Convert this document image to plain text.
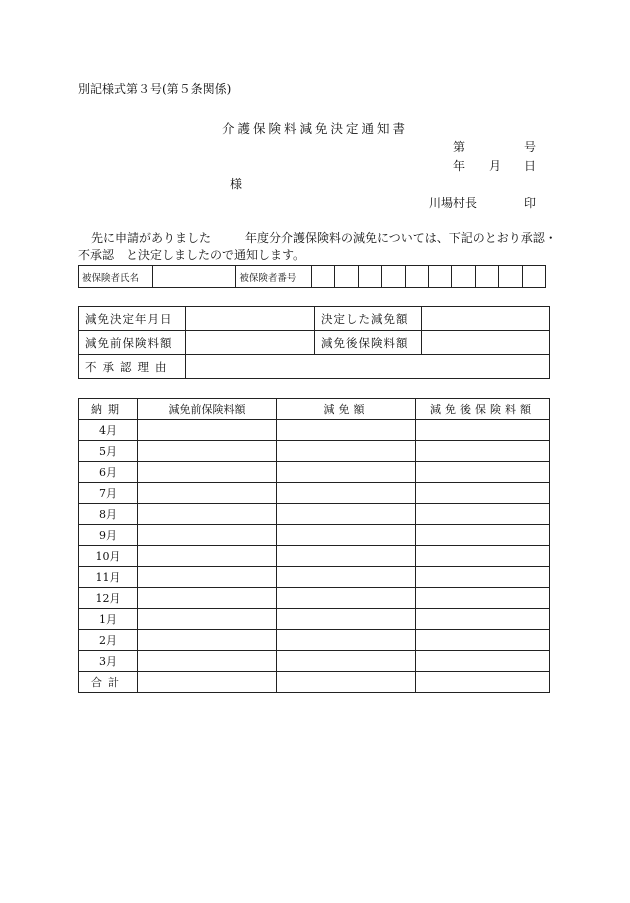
別記様式第３号(第５条関係)
介護保険料減免決定通知書
第	号
年 月 日
様
川場村長	印
先に申請がありました	年度分介護保険料の減免については、下記のとおり承認・不承認 と決定しましたので通知します。
被保険者氏名		被保険者番号										
減免決定年月日		決定した減免額	
減免前保険料額		減免後保険料額	
不承認理由			
納期	減免前保険料額	減免額	減免後保険料額
4月			
5月			
6月			
7月			
8月			
9月			
10月			
11月			
12月			
1月			
2月			
3月			
合計			
